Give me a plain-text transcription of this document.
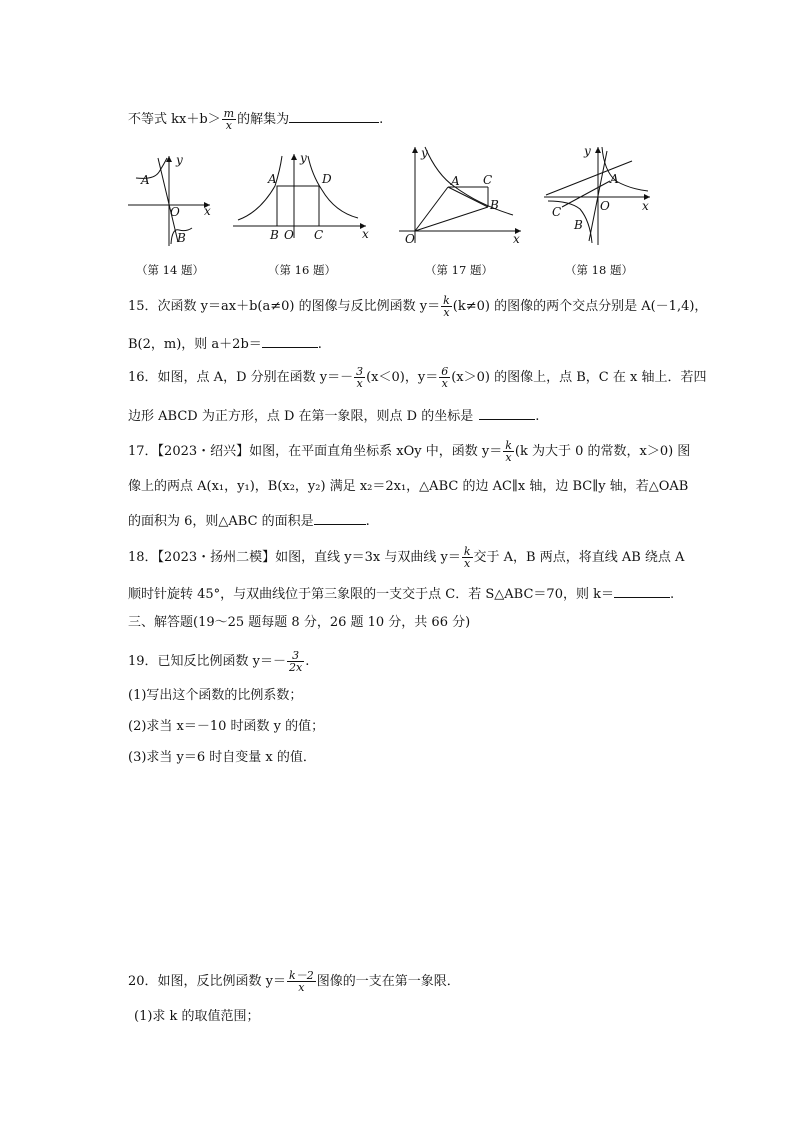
不等式 $kx+b> \frac{m}{x}$ 的解集为	.
y
x
O
A
B
（第 14 题）
y
x
O
A
B	C
D
（第 16 题）
y
x
O
A
B
C
（第 17 题）
y
x
O
A
B
C
（第 18 题）
15．次函数 y＝ax＋b(a≠0) 的图像与反比例函数 $y= \frac{k}{x} (k\ne 0)$ 的图像的两个交点分别是 A(－1,4)，
B(2，m)，则 a＋2b＝	.
16．如图，点 A，D 分别在函数 $y=- \frac{3}{x} (x<0)$，$y= \frac{6}{x} (x>0)$ 的图像上，点 B，C 在 x 轴上．若四
边形 ABCD 为正方形，点 D 在第一象限，则点 D 的坐标是	.
17．【2023・绍兴】如图，在平面直角坐标系 xOy 中，函数 $y= \frac{k}{x} (k$ 为大于 0 的常数，x＞0) 图
像上的两点 A(x₁，y₁)，B(x₂，y₂) 满足 x₂＝2x₁，△ABC 的边 AC∥x 轴，边 BC∥y 轴，若△OAB
的面积为 6，则△ABC 的面积是	.
18．【2023・扬州二模】如图，直线 y＝3x 与双曲线 $y= \frac{k}{x}$ 交于 A，B 两点，将直线 AB 绕点 A
顺时针旋转 45°，与双曲线位于第三象限的一支交于点 C．若 S△ABC＝70，则 k＝	.
三、解答题(19～25 题每题 8 分，26 题 10 分，共 66 分)
19．已知反比例函数 $y=- \frac{3}{2x}$ .
(1)写出这个函数的比例系数；
(2)求当 x＝－10 时函数 y 的值；
(3)求当 y＝6 时自变量 x 的值．
20．如图，反比例函数 $y= \frac{k-2}{x}$ 图像的一支在第一象限．
(1)求 k 的取值范围；
